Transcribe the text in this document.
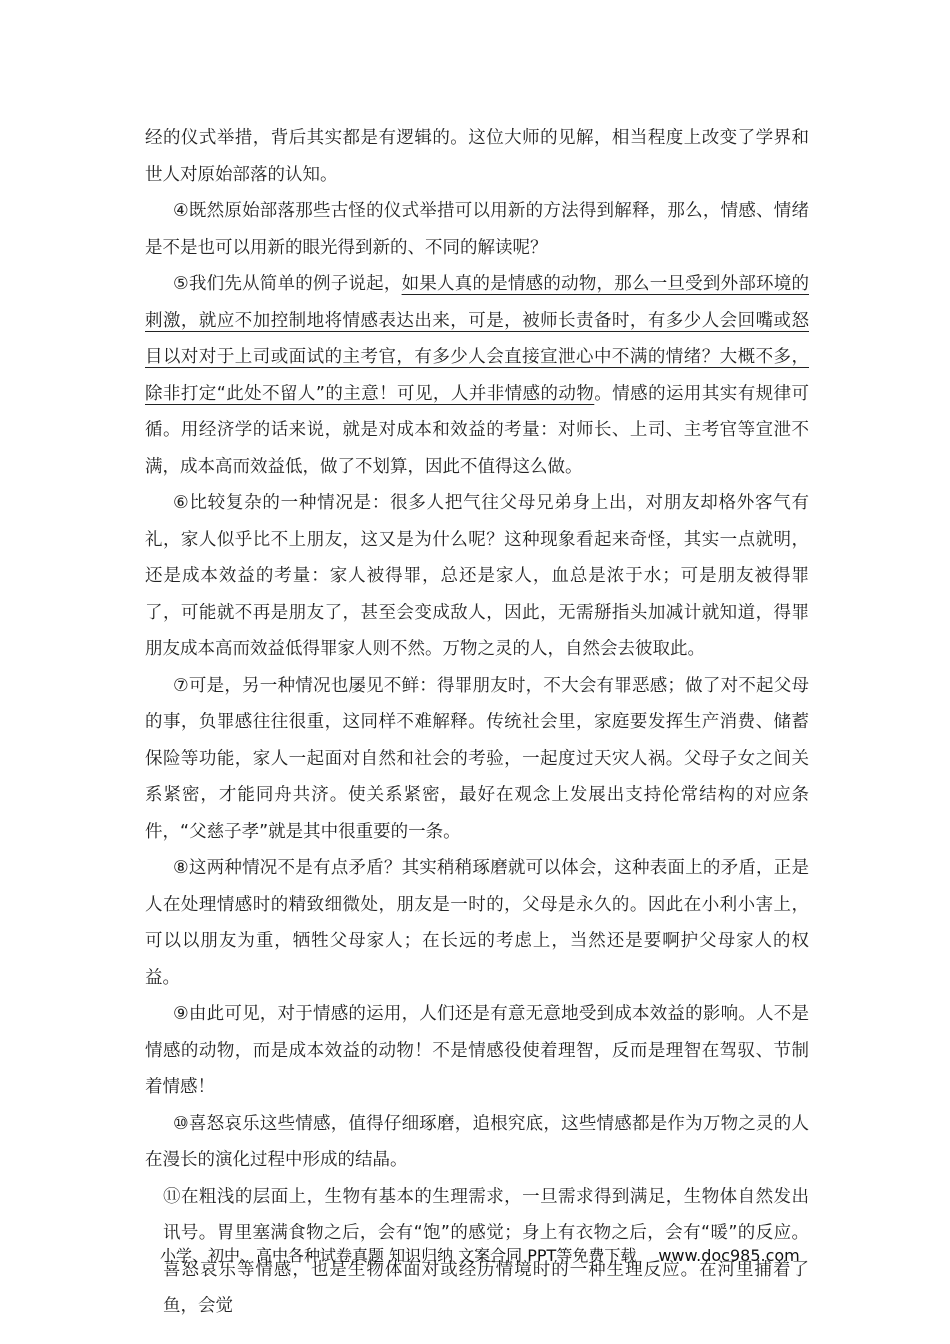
经的仪式举措，背后其实都是有逻辑的。这位大师的见解，相当程度上改变了学界和世人对原始部落的认知。

④既然原始部落那些古怪的仪式举措可以用新的方法得到解释，那么，情感、情绪是不是也可以用新的眼光得到新的、不同的解读呢？

⑤我们先从简单的例子说起，如果人真的是情感的动物，那么一旦受到外部环境的刺激，就应不加控制地将情感表达出来，可是，被师长责备时，有多少人会回嘴或怒目以对对于上司或面试的主考官，有多少人会直接宣泄心中不满的情绪？大概不多，除非打定“此处不留人”的主意！可见，人并非情感的动物。情感的运用其实有规律可循。用经济学的话来说，就是对成本和效益的考量：对师长、上司、主考官等宣泄不满，成本高而效益低，做了不划算，因此不值得这么做。

⑥比较复杂的一种情况是：很多人把气往父母兄弟身上出，对朋友却格外客气有礼，家人似乎比不上朋友，这又是为什么呢？这种现象看起来奇怪，其实一点就明，还是成本效益的考量：家人被得罪，总还是家人，血总是浓于水；可是朋友被得罪了，可能就不再是朋友了，甚至会变成敌人，因此，无需掰指头加减计就知道，得罪朋友成本高而效益低得罪家人则不然。万物之灵的人，自然会去彼取此。

⑦可是，另一种情况也屡见不鲜：得罪朋友时，不大会有罪恶感；做了对不起父母的事，负罪感往往很重，这同样不难解释。传统社会里，家庭要发挥生产消费、储蓄保险等功能，家人一起面对自然和社会的考验，一起度过天灾人祸。父母子女之间关系紧密，才能同舟共济。使关系紧密，最好在观念上发展出支持伦常结构的对应条件，“父慈子孝”就是其中很重要的一条。

⑧这两种情况不是有点矛盾？其实稍稍琢磨就可以体会，这种表面上的矛盾，正是人在处理情感时的精致细微处，朋友是一时的，父母是永久的。因此在小利小害上，可以以朋友为重，牺牲父母家人；在长远的考虑上，当然还是要啊护父母家人的权益。

⑨由此可见，对于情感的运用，人们还是有意无意地受到成本效益的影响。人不是情感的动物，而是成本效益的动物！不是情感役使着理智，反而是理智在驾驭、节制着情感！

⑩喜怒哀乐这些情感，值得仔细琢磨，追根究底，这些情感都是作为万物之灵的人在漫长的演化过程中形成的结晶。

⑪在粗浅的层面上，生物有基本的生理需求，一旦需求得到满足，生物体自然发出讯号。胃里塞满食物之后，会有“饱”的感觉；身上有衣物之后，会有“暖”的反应。喜怒哀乐等情感，也是生物体面对或经历情境时的一种生理反应。在河里捕着了鱼，会觉

小学、初中、高中各种试卷真题 知识归纳 文案合同 PPT等免费下载 www.doc985.com
